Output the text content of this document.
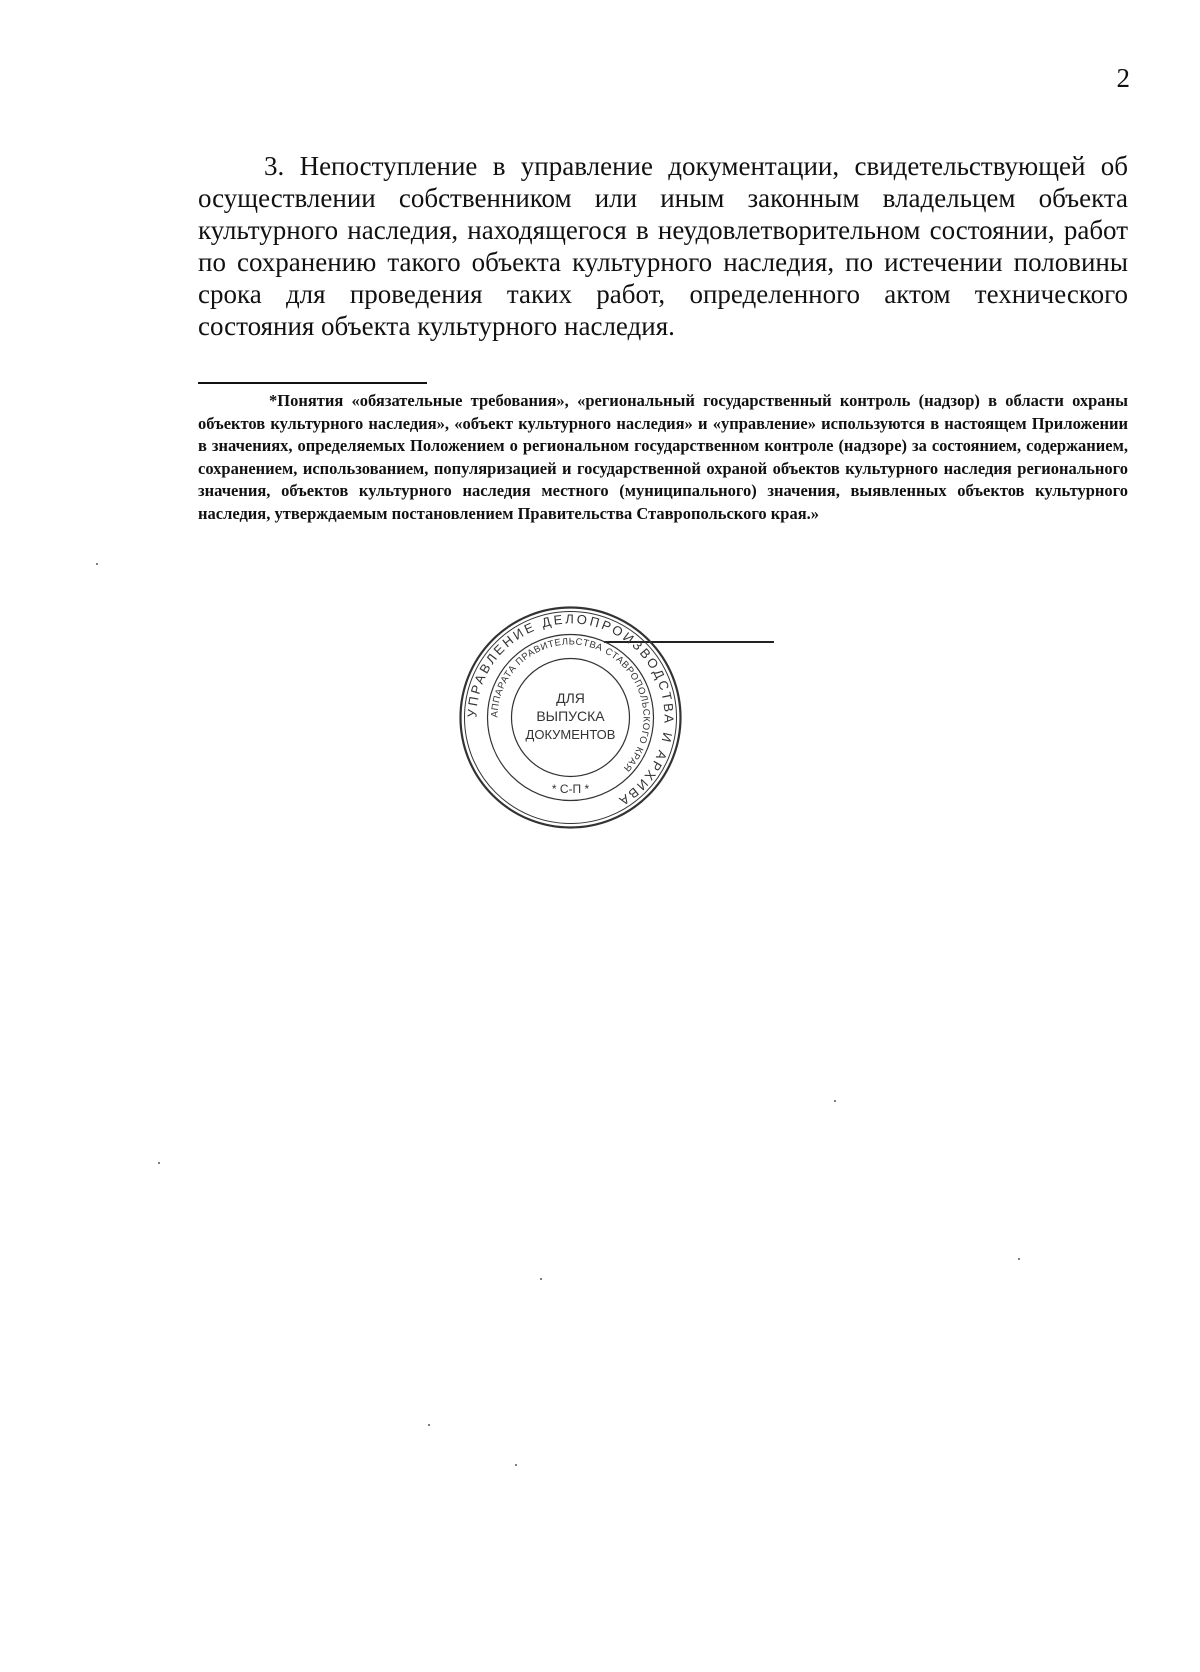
2

3. Непоступление в управление документации, свидетельствующей об осуществлении собственником или иным законным владельцем объекта культурного наследия, находящегося в неудовлетворительном состоянии, работ по сохранению такого объекта культурного наследия, по истечении половины срока для проведения таких работ, определенного актом технического состояния объекта культурного наследия.

*Понятия «обязательные требования», «региональный государственный контроль (надзор) в области охраны объектов культурного наследия», «объект культурного наследия» и «управление» используются в настоящем Приложении в значениях, определяемых Положением о региональном государственном контроле (надзоре) за состоянием, содержанием, сохранением, использованием, популяризацией и государственной охраной объектов культурного наследия регионального значения, объектов культурного наследия местного (муниципального) значения, выявленных объектов культурного наследия, утверждаемым постановлением Правительства Ставропольского края.»

УПРАВЛЕНИЕ ДЕЛОПРОИЗВОДСТВА И АРХИВА
АППАРАТА ПРАВИТЕЛЬСТВА СТАВРОПОЛЬСКОГО КРАЯ
ДЛЯ
ВЫПУСКА
ДОКУМЕНТОВ
* С-П *
